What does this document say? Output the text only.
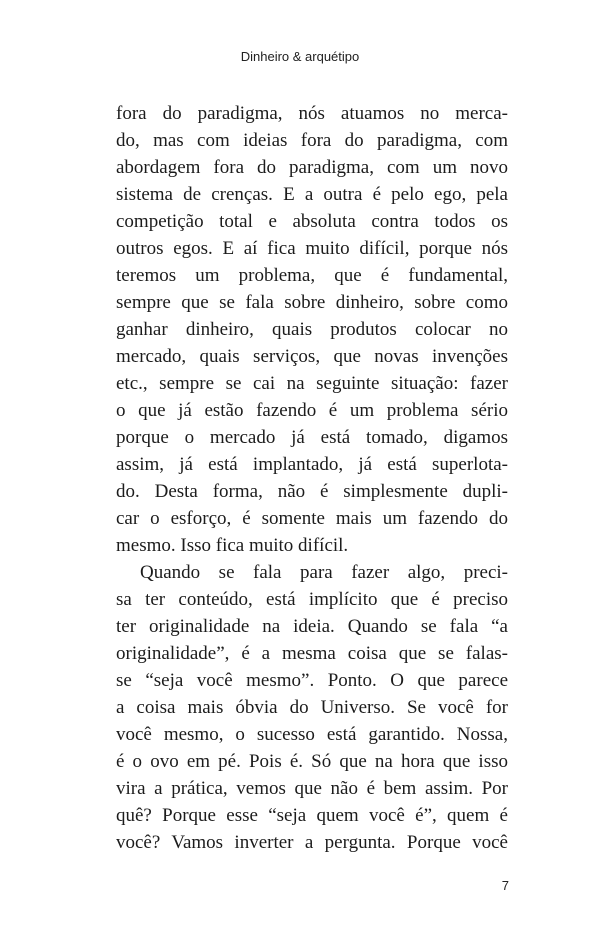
Dinheiro & arquétipo
fora do paradigma, nós atuamos no merca-
do, mas com ideias fora do paradigma, com
abordagem fora do paradigma, com um novo
sistema de crenças. E a outra é pelo ego, pela
competição total e absoluta contra todos os
outros egos. E aí fica muito difícil, porque nós
teremos um problema, que é fundamental,
sempre que se fala sobre dinheiro, sobre como
ganhar dinheiro, quais produtos colocar no
mercado, quais serviços, que novas invenções
etc., sempre se cai na seguinte situação: fazer
o que já estão fazendo é um problema sério
porque o mercado já está tomado, digamos
assim, já está implantado, já está superlota-
do. Desta forma, não é simplesmente dupli-
car o esforço, é somente mais um fazendo do
mesmo. Isso fica muito difícil.
Quando se fala para fazer algo, preci-
sa ter conteúdo, está implícito que é preciso
ter originalidade na ideia. Quando se fala “a
originalidade”, é a mesma coisa que se falas-
se “seja você mesmo”. Ponto. O que parece
a coisa mais óbvia do Universo. Se você for
você mesmo, o sucesso está garantido. Nossa,
é o ovo em pé. Pois é. Só que na hora que isso
vira a prática, vemos que não é bem assim. Por
quê? Porque esse “seja quem você é”, quem é
você? Vamos inverter a pergunta. Porque você
7
